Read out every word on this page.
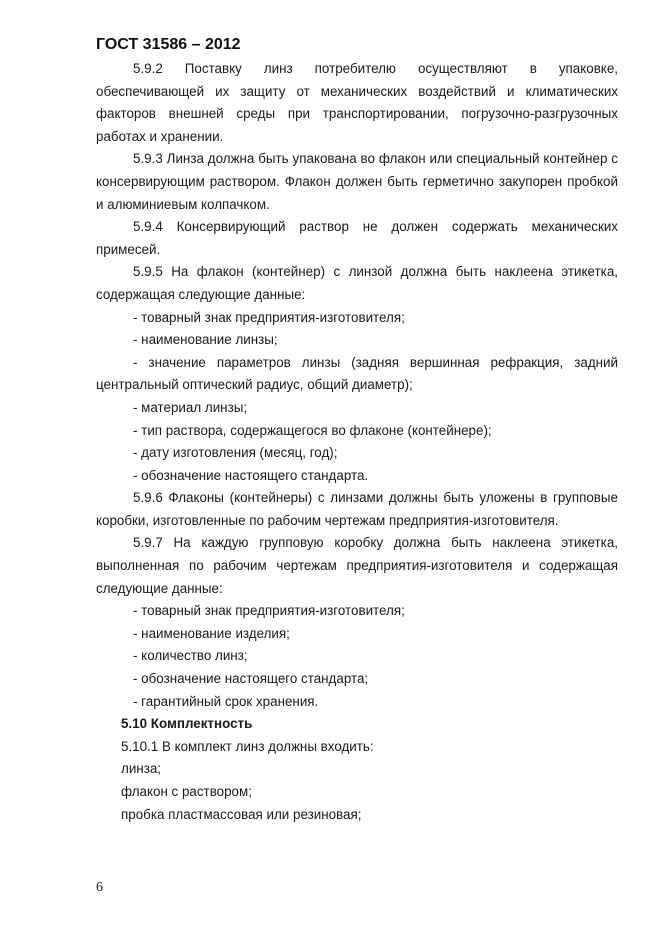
ГОСТ 31586 – 2012

5.9.2 Поставку линз потребителю осуществляют в упаковке, обеспечивающей их защиту от механических воздействий и климатических факторов внешней среды при транспортировании, погрузочно-разгрузочных работах и хранении.

5.9.3 Линза должна быть упакована во флакон или специальный контейнер с консервирующим раствором. Флакон должен быть герметично закупорен пробкой и алюминиевым колпачком.

5.9.4 Консервирующий раствор не должен содержать механических примесей.

5.9.5 На флакон (контейнер) с линзой должна быть наклеена этикетка, содержащая следующие данные:

- товарный знак предприятия-изготовителя;

- наименование линзы;

- значение параметров линзы (задняя вершинная рефракция, задний центральный оптический радиус, общий диаметр);

- материал линзы;

- тип раствора, содержащегося во флаконе (контейнере);

- дату изготовления (месяц, год);

- обозначение настоящего стандарта.

5.9.6 Флаконы (контейнеры) с линзами должны быть уложены в групповые коробки, изготовленные по рабочим чертежам предприятия-изготовителя.

5.9.7 На каждую групповую коробку должна быть наклеена этикетка, выполненная по рабочим чертежам предприятия-изготовителя и содержащая следующие данные:

- товарный знак предприятия-изготовителя;

- наименование изделия;

- количество линз;

- обозначение настоящего стандарта;

- гарантийный срок хранения.

5.10 Комплектность

5.10.1 В комплект линз должны входить:

линза;

флакон с раствором;

пробка пластмассовая или резиновая;

6
